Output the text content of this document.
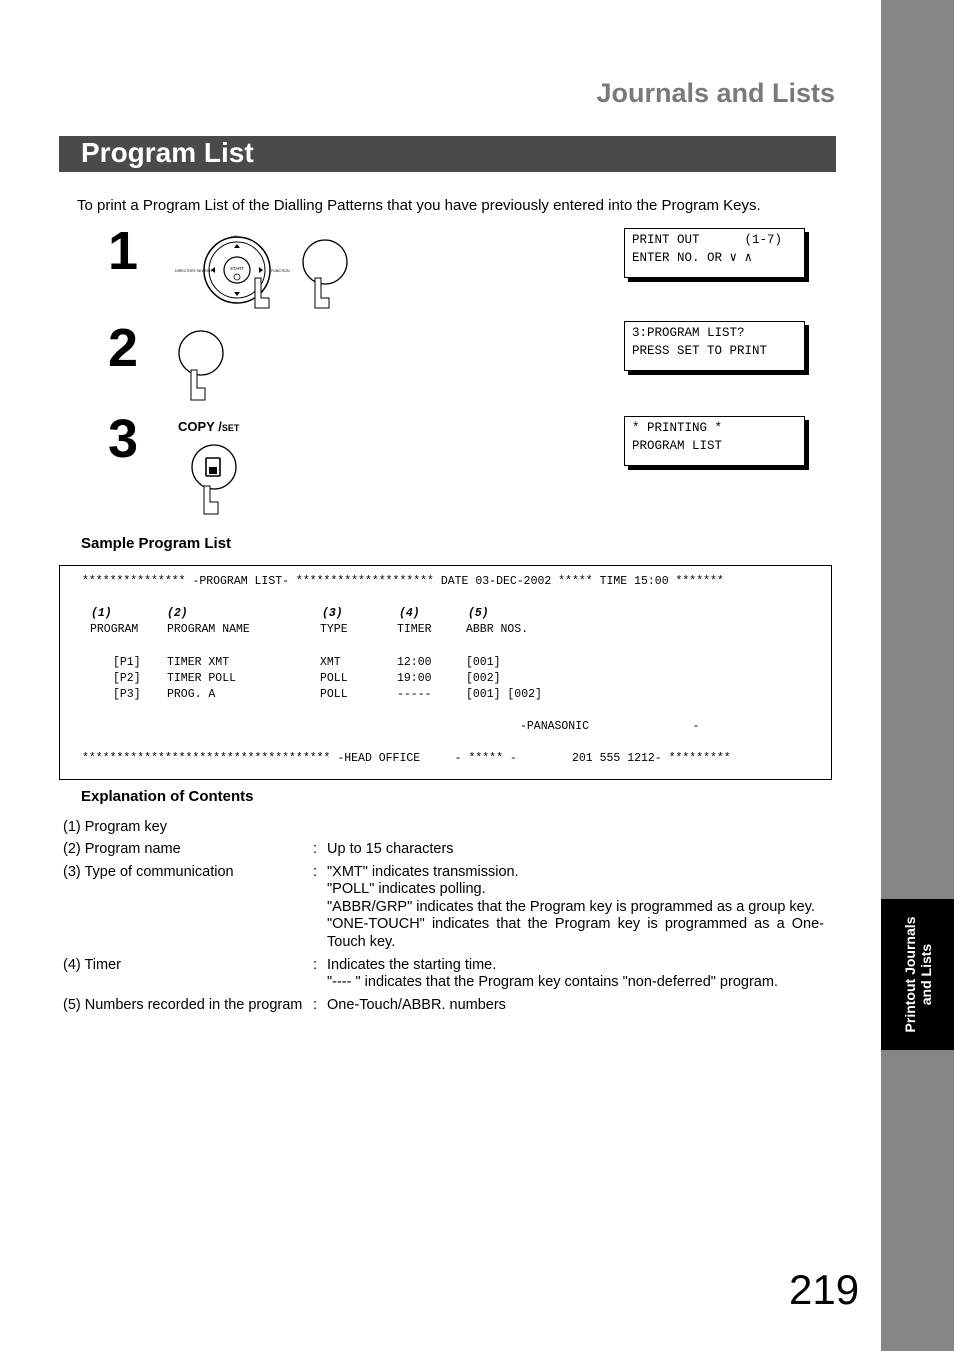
Printout Journals
and Lists
Journals and Lists
Program List
To print a Program List of the Dialling Patterns that you have previously entered into the Program Keys.
1	VOL
DIRECTORY SEARCH	START	FUNCTION
PRINT OUT      (1-7)
ENTER NO. OR ∨ ∧
2	3:PROGRAM LIST?
PRESS SET TO PRINT
3	COPY /SET	* PRINTING *
PROGRAM LIST
Sample Program List
*************** -PROGRAM LIST- ******************** DATE 03-DEC-2002 ***** TIME 15:00 *******
(1)	(2)	(3)	(4)	(5)
PROGRAM PROGRAM NAME	TYPE	TIMER	ABBR NOS.
[P1] TIMER XMT	XMT	12:00	[001]
[P2] TIMER POLL	POLL	19:00	[002]
[P3] PROG. A	POLL	-----	[001] [002]
-PANASONIC               -
************************************ -HEAD OFFICE     - ***** -        201 555 1212- *********
Explanation of Contents
(1) Program key
(2) Program name	: Up to 15 characters
(3) Type of communication	: "XMT" indicates transmission.
"POLL" indicates polling.
"ABBR/GRP" indicates that the Program key is programmed as a group key.
"ONE-TOUCH" indicates that the Program key is programmed as a One-Touch key.
(4) Timer	: Indicates the starting time.
"---- " indicates that the Program key contains "non-deferred" program.
(5) Numbers recorded in the program : One-Touch/ABBR. numbers
219
